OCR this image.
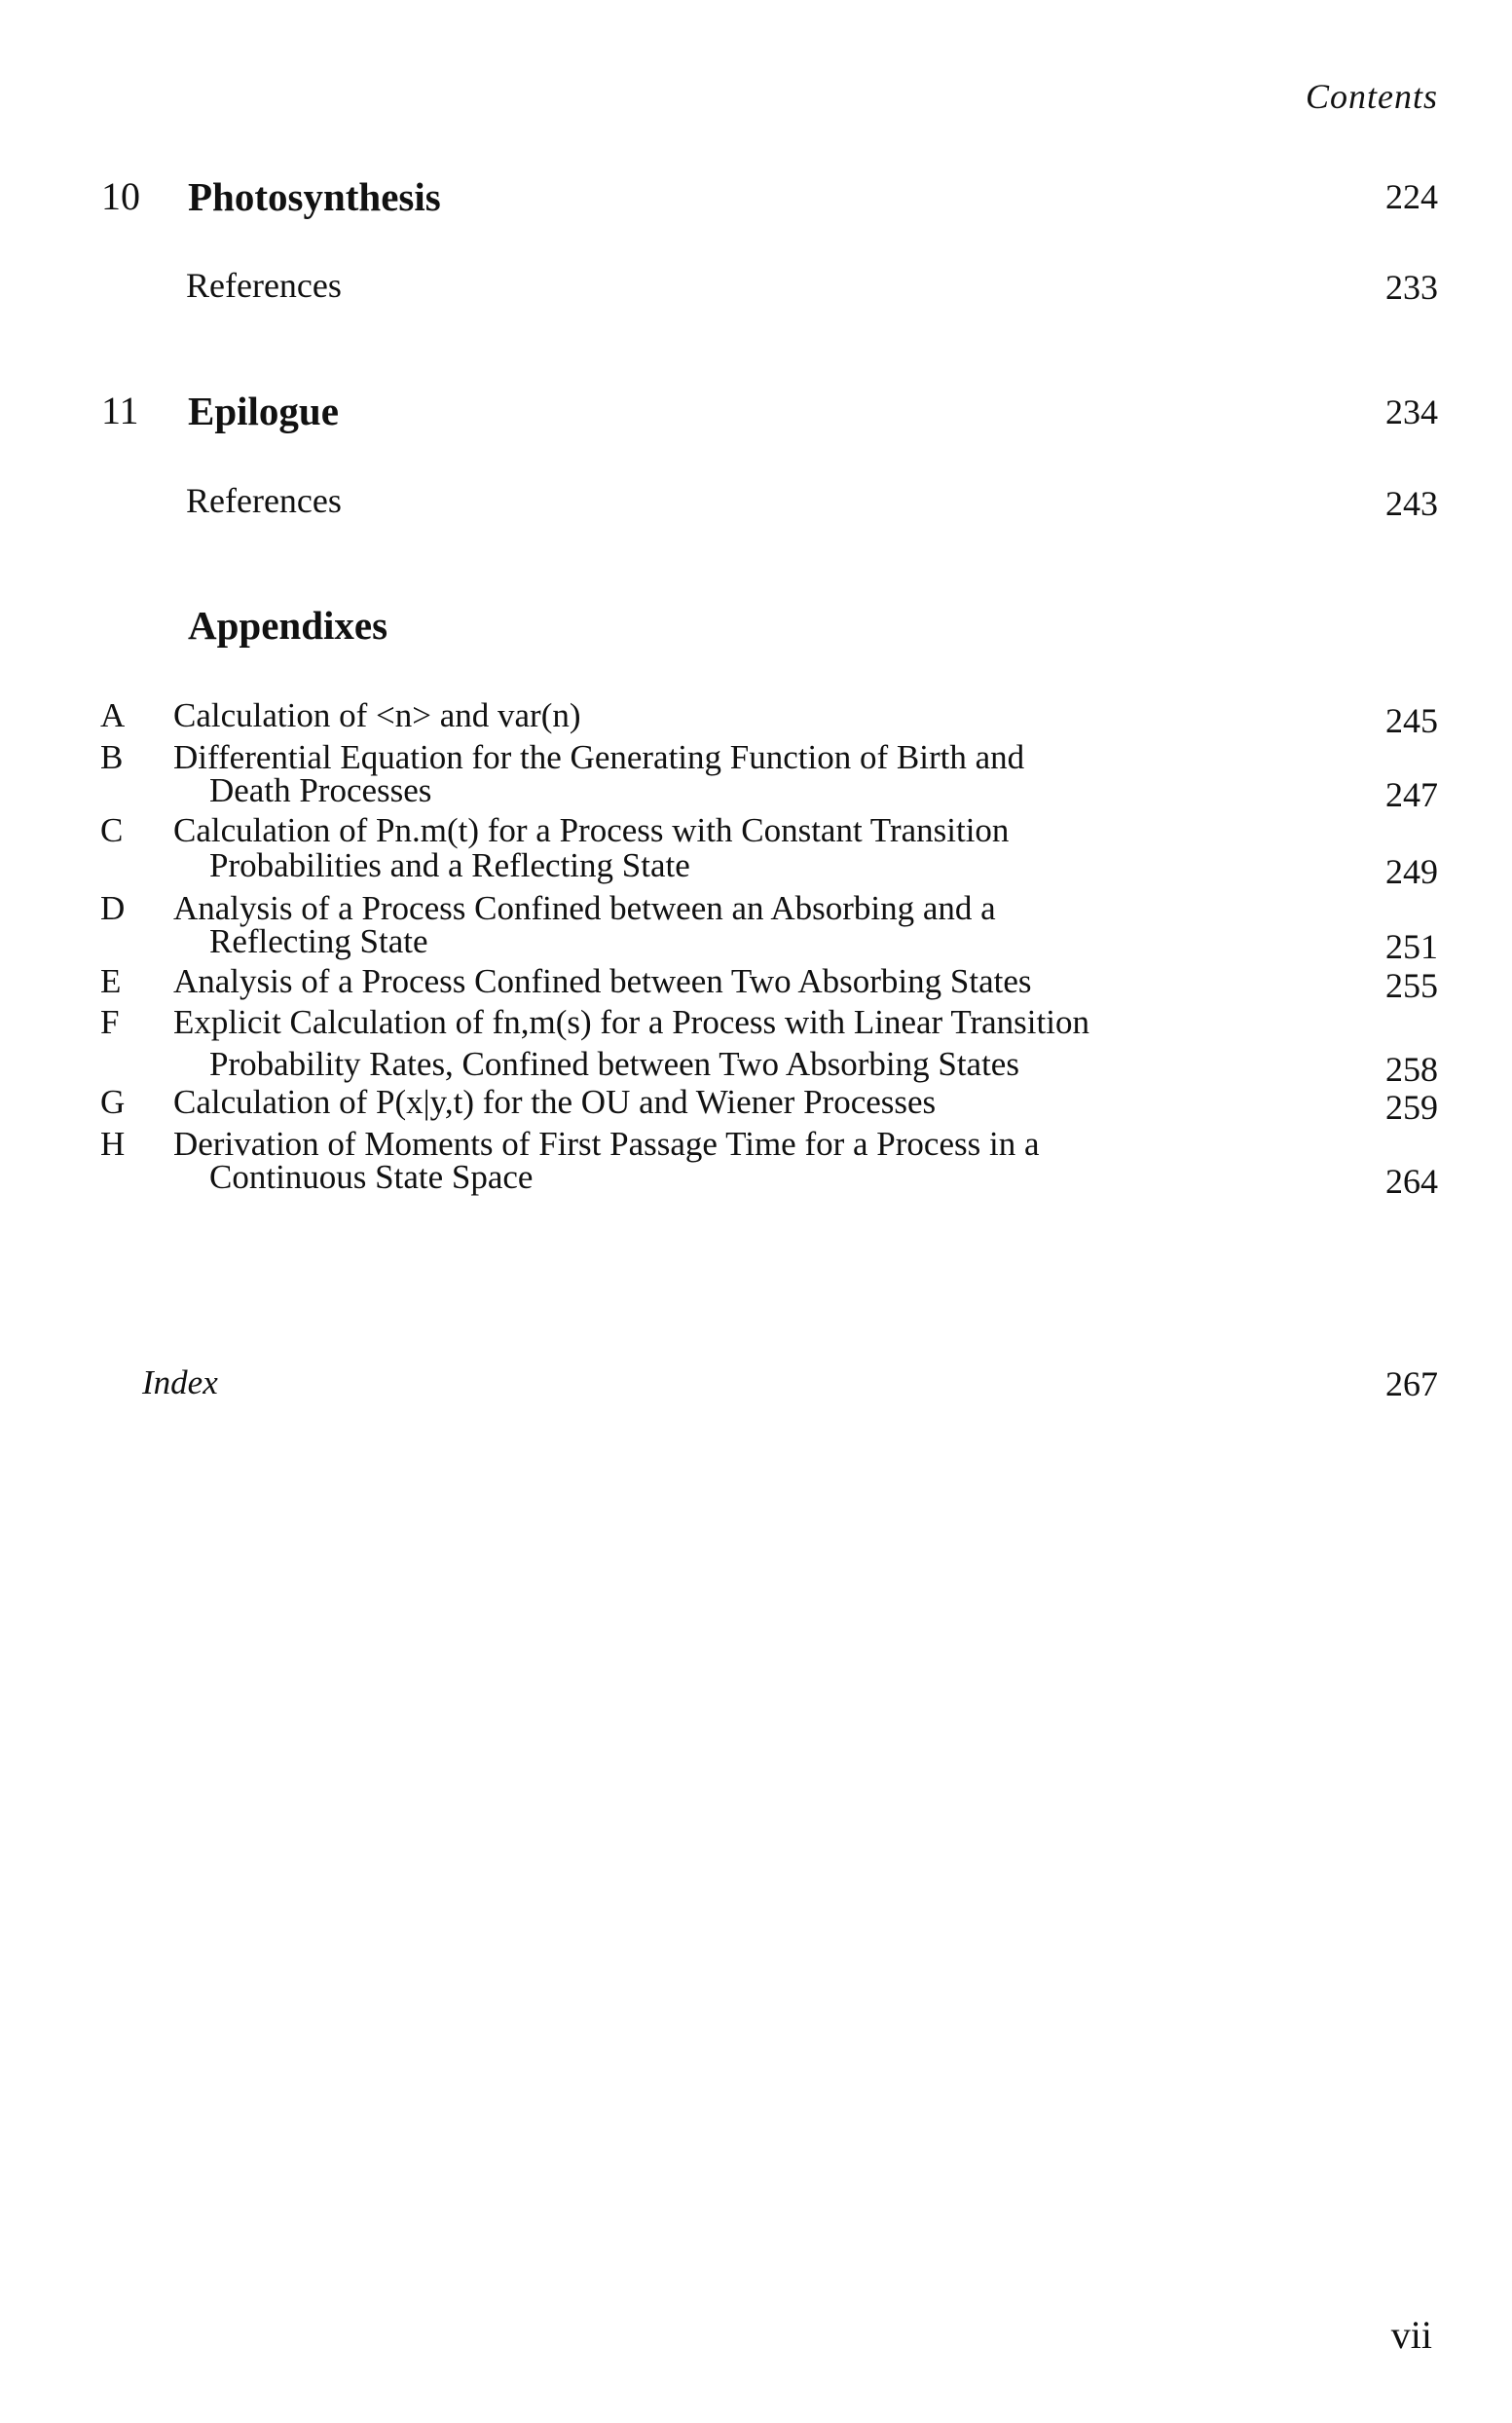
Contents
10 Photosynthesis	224
References	233
11 Epilogue	234
References	243
Appendixes
A Calculation of <n> and var(n)	245
B Differential Equation for the Generating Function of Birth and
Death Processes	247
C Calculation of Pn.m(t) for a Process with Constant Transition
Probabilities and a Reflecting State	249
D Analysis of a Process Confined between an Absorbing and a
Reflecting State	251
E Analysis of a Process Confined between Two Absorbing States	255
F Explicit Calculation of fn,m(s) for a Process with Linear Transition
Probability Rates, Confined between Two Absorbing States	258
G Calculation of P(x|y,t) for the OU and Wiener Processes	259
H Derivation of Moments of First Passage Time for a Process in a
Continuous State Space	264
Index	267
vii
